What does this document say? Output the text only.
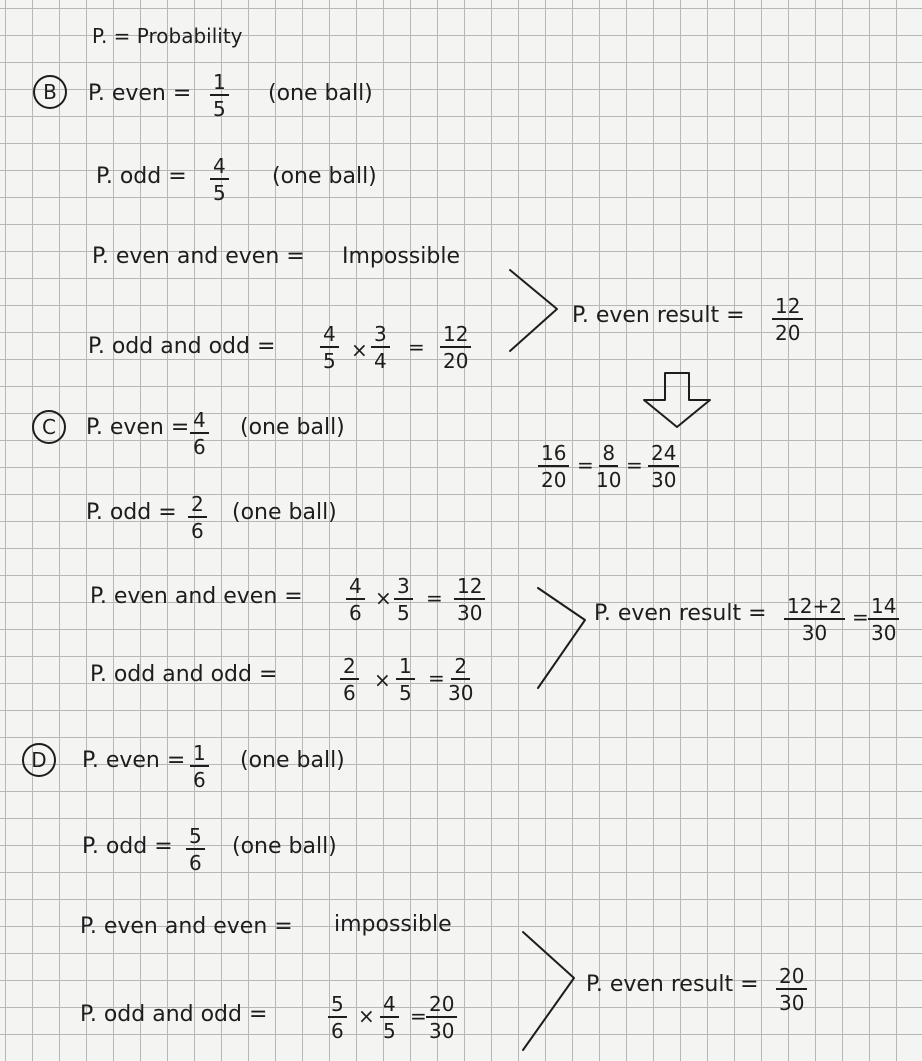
P. = Probability
B	P. even = $\frac{1}{5} (one$ ball)
P. odd = $\frac{4}{5} (one$ ball)
P. even and even = Impossible
P. odd and odd = $\frac{4}{5} \times \frac{3}{4} = \frac{12}{20}$
P. even result = $\frac{12}{20}$
$\frac{16}{20} = \frac{8}{10} = \frac{24}{30}$
C	P. even = $\frac{4}{6} (one$ ball)
P. odd = $\frac{2}{6} (one$ ball)
P. even and even = $\frac{4}{6} \times \frac{3}{5} = \frac{12}{30}$
P. odd and odd =	$\frac{2}{6} \times \frac{1}{5} = \frac{2}{30}$
P. even result = $\frac{12+2}{30} = \frac{14}{30}$
D	P. even = $\frac{1}{6} (one$ ball)
P. odd = $\frac{5}{6} (one$ ball)
P. even and even = impossible
P. odd and odd =	$\frac{5}{6} \times \frac{4}{5} = \frac{20}{30}$
P. even result = $\frac{20}{30}$
